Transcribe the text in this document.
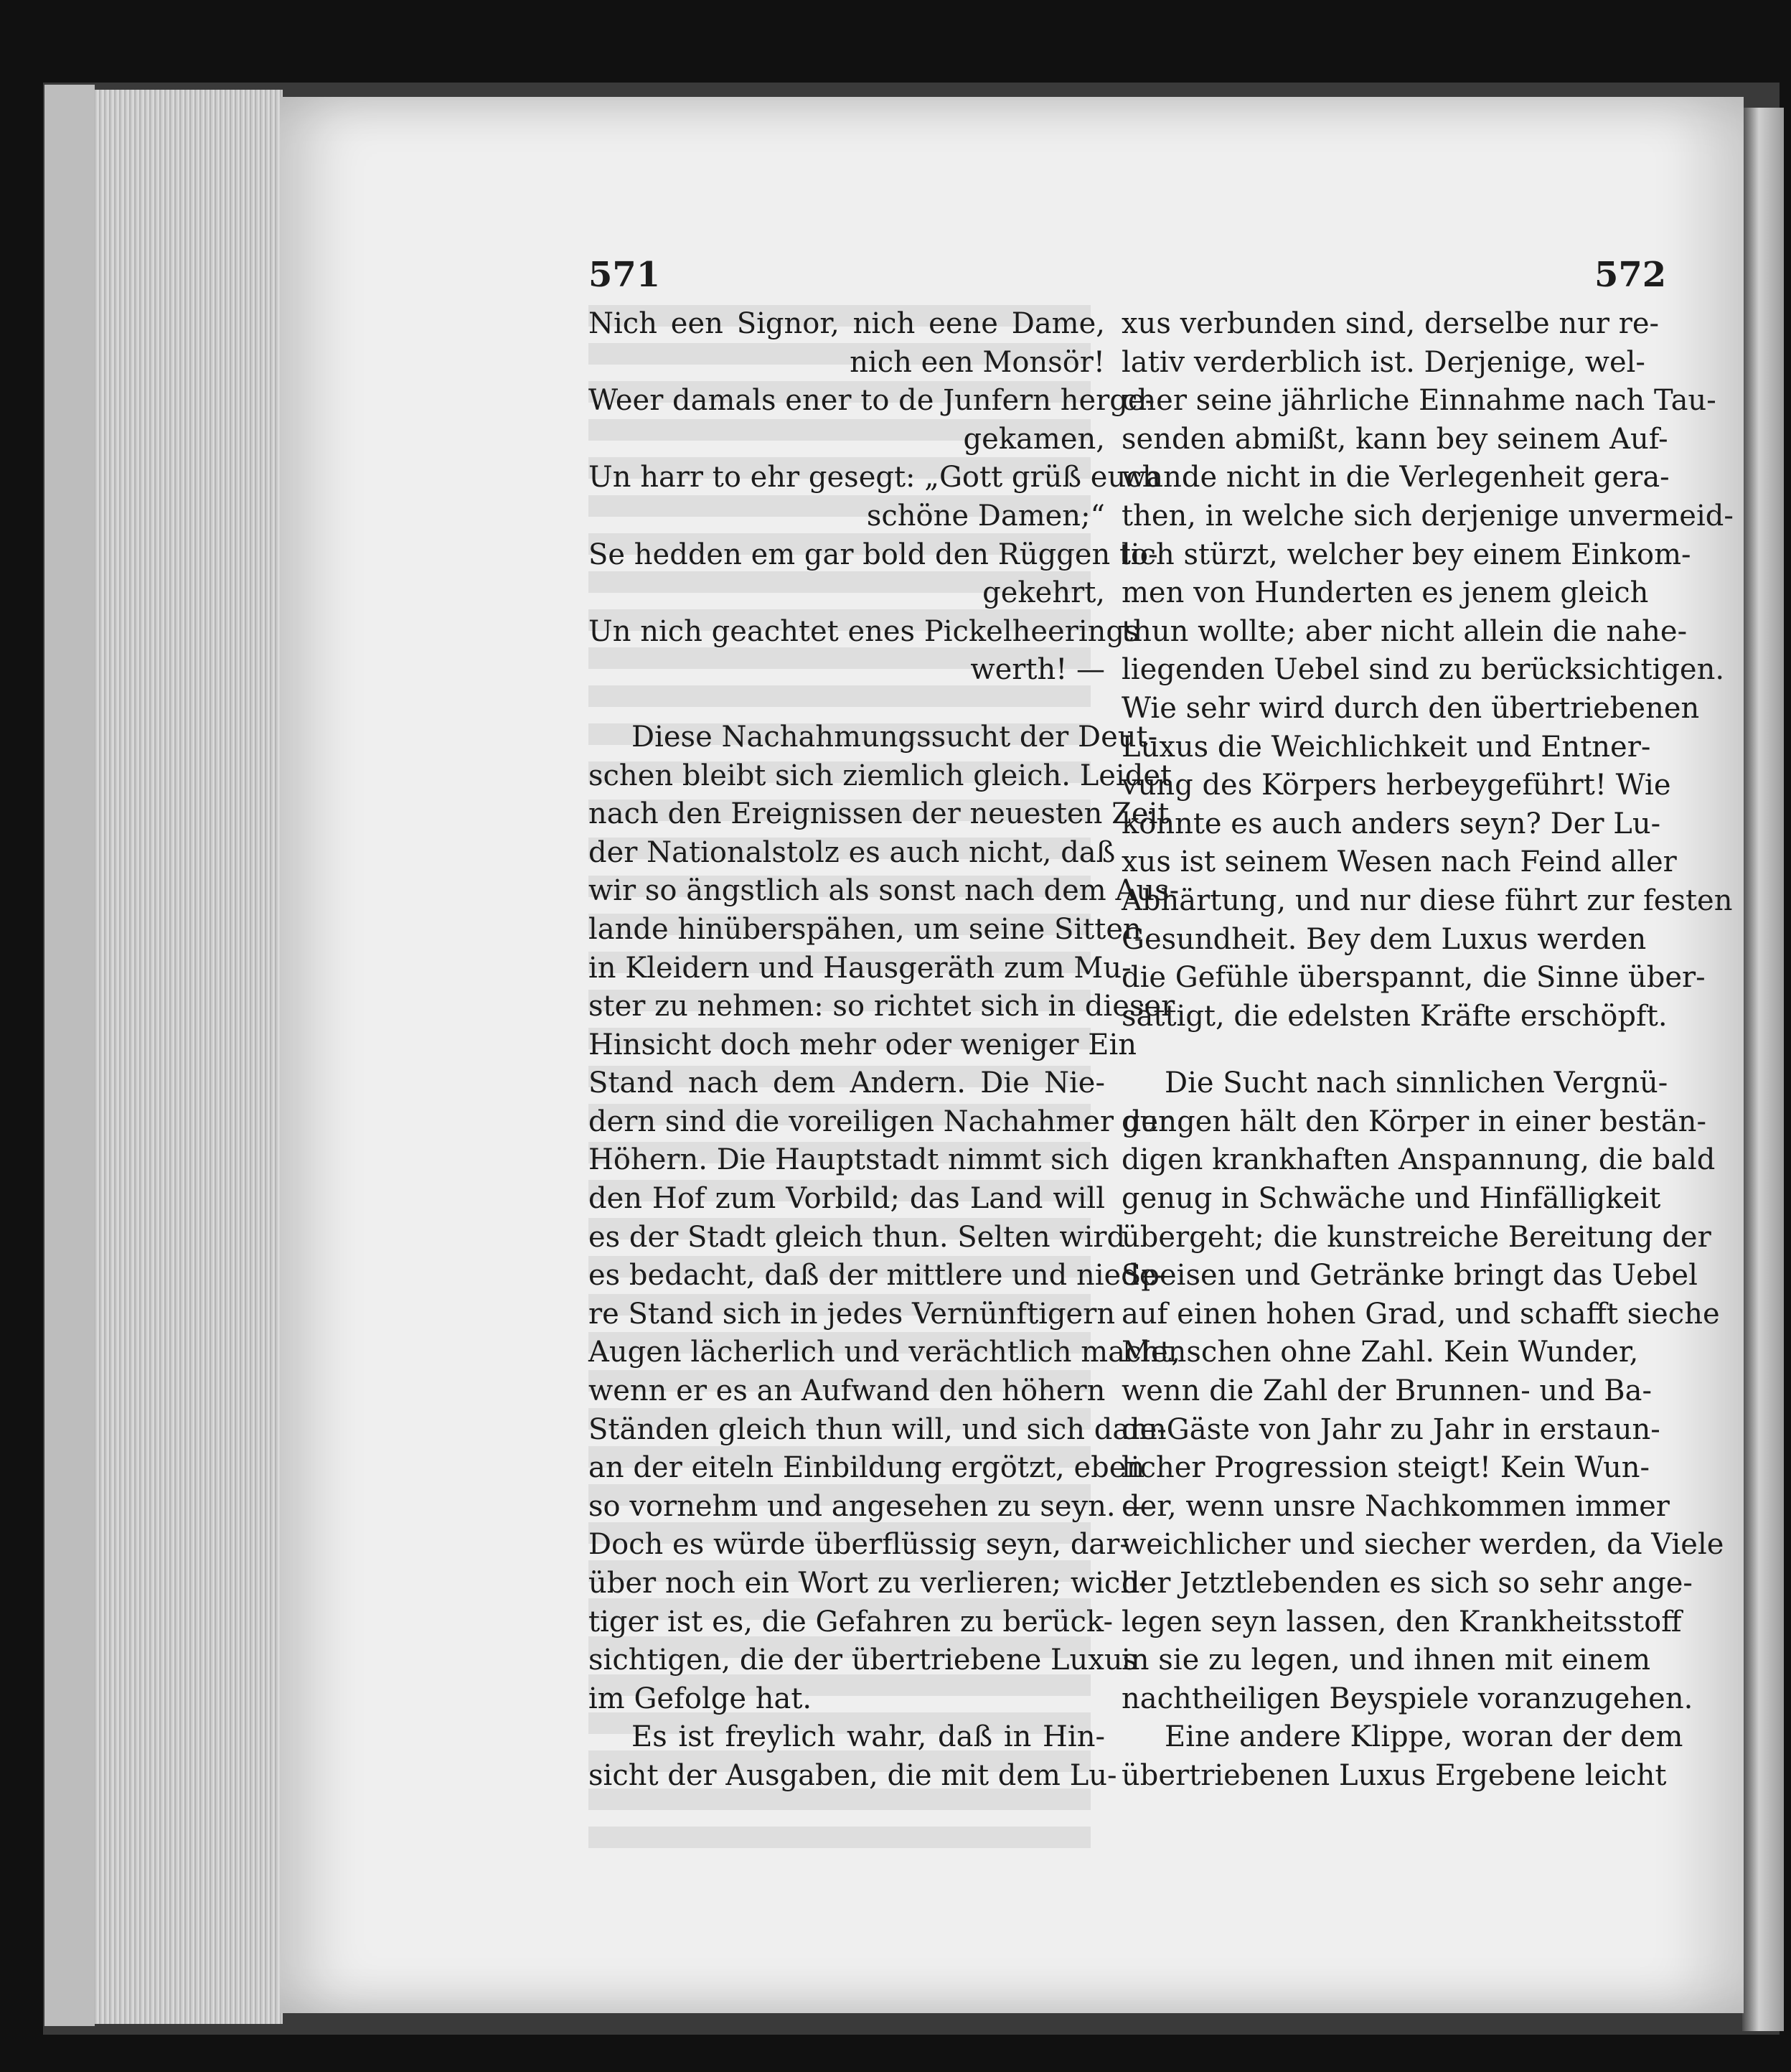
571	572
Nich een Signor, nich eene Dame,
nich een Monsör!
Weer damals ener to de Junfern herge-
gekamen,
Un harr to ehr gesegt: „Gott grüß euch
schöne Damen;“
Se hedden em gar bold den Rüggen to-
gekehrt,
Un nich geachtet enes Pickelheerings
werth! —
Diese Nachahmungssucht der Deut-
schen bleibt sich ziemlich gleich. Leidet
nach den Ereignissen der neuesten Zeit
der Nationalstolz es auch nicht, daß
wir so ängstlich als sonst nach dem Aus-
lande hinüberspähen, um seine Sitten
in Kleidern und Hausgeräth zum Mu-
ster zu nehmen: so richtet sich in dieser
Hinsicht doch mehr oder weniger Ein
Stand nach dem Andern. Die Nie-
dern sind die voreiligen Nachahmer der
Höhern. Die Hauptstadt nimmt sich
den Hof zum Vorbild; das Land will
es der Stadt gleich thun. Selten wird
es bedacht, daß der mittlere und niede-
re Stand sich in jedes Vernünftigern
Augen lächerlich und verächtlich macht,
wenn er es an Aufwand den höhern
Ständen gleich thun will, und sich dann
an der eiteln Einbildung ergötzt, eben
so vornehm und angesehen zu seyn. —
Doch es würde überflüssig seyn, dar-
über noch ein Wort zu verlieren; wich-
tiger ist es, die Gefahren zu berück-
sichtigen, die der übertriebene Luxus
im Gefolge hat.
Es ist freylich wahr, daß in Hin-
sicht der Ausgaben, die mit dem Lu-
xus verbunden sind, derselbe nur re-
lativ verderblich ist. Derjenige, wel-
cher seine jährliche Einnahme nach Tau-
senden abmißt, kann bey seinem Auf-
wande nicht in die Verlegenheit gera-
then, in welche sich derjenige unvermeid-
lich stürzt, welcher bey einem Einkom-
men von Hunderten es jenem gleich
thun wollte; aber nicht allein die nahe-
liegenden Uebel sind zu berücksichtigen.
Wie sehr wird durch den übertriebenen
Luxus die Weichlichkeit und Entner-
vung des Körpers herbeygeführt! Wie
könnte es auch anders seyn? Der Lu-
xus ist seinem Wesen nach Feind aller
Abhärtung, und nur diese führt zur festen
Gesundheit. Bey dem Luxus werden
die Gefühle überspannt, die Sinne über-
sättigt, die edelsten Kräfte erschöpft.
Die Sucht nach sinnlichen Vergnü-
gungen hält den Körper in einer bestän-
digen krankhaften Anspannung, die bald
genug in Schwäche und Hinfälligkeit
übergeht; die kunstreiche Bereitung der
Speisen und Getränke bringt das Uebel
auf einen hohen Grad, und schafft sieche
Menschen ohne Zahl. Kein Wunder,
wenn die Zahl der Brunnen- und Ba-
de-Gäste von Jahr zu Jahr in erstaun-
licher Progression steigt! Kein Wun-
der, wenn unsre Nachkommen immer
weichlicher und siecher werden, da Viele
der Jetztlebenden es sich so sehr ange-
legen seyn lassen, den Krankheitsstoff
in sie zu legen, und ihnen mit einem
nachtheiligen Beyspiele voranzugehen.
Eine andere Klippe, woran der dem
übertriebenen Luxus Ergebene leicht
